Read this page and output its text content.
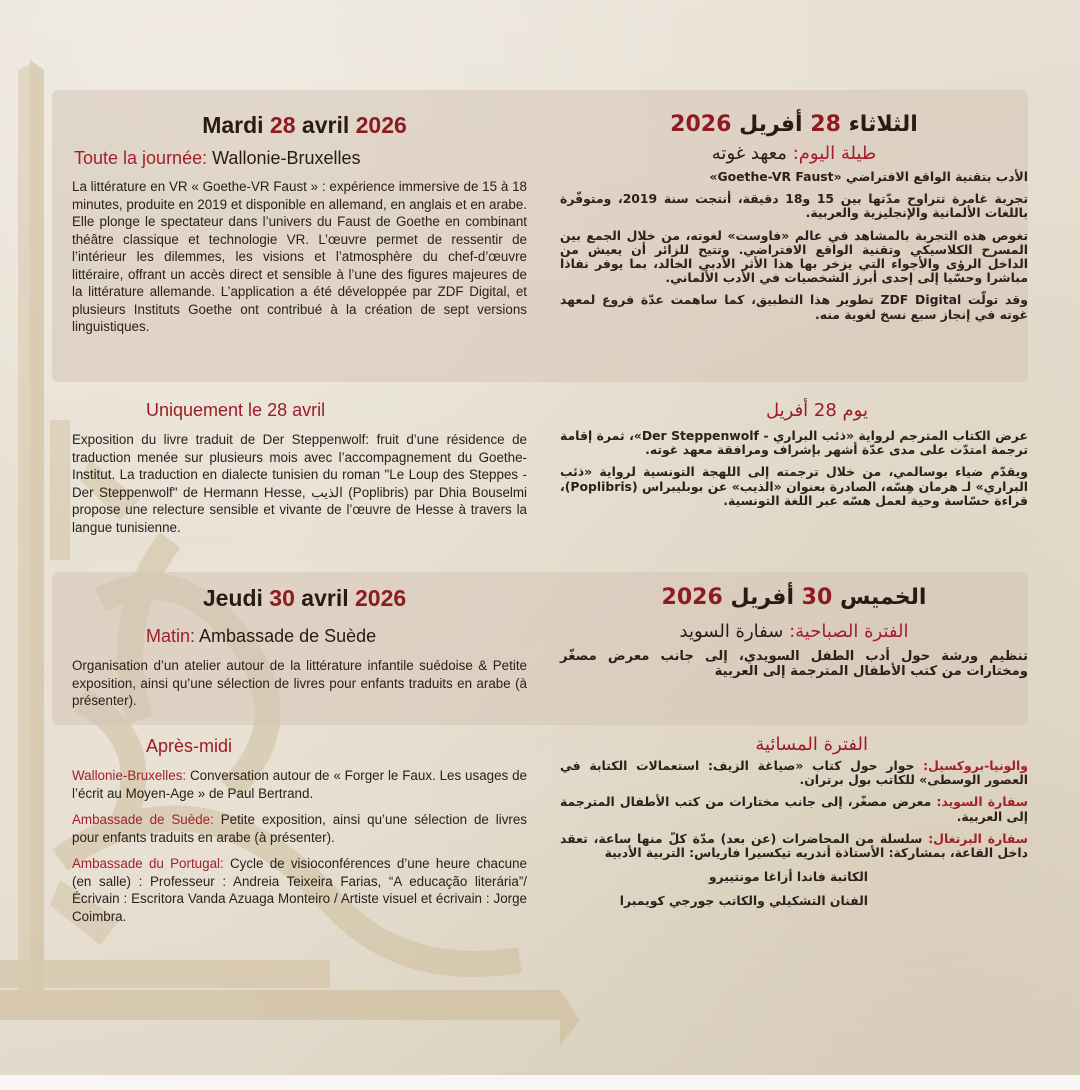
Mardi 28 avril 2026
Toute la journée: Wallonie-Bruxelles

La littérature en VR « Goethe-VR Faust » : expérience immersive de 15 à 18 minutes, produite en 2019 et disponible en allemand, en anglais et en arabe. Elle plonge le spectateur dans l’univers du Faust de Goethe en combinant théâtre classique et technologie VR. L’œuvre permet de ressentir de l’intérieur les dilemmes, les visions et l’atmosphère du chef-d’œuvre littéraire, offrant un accès direct et sensible à l’une des figures majeures de la littérature allemande. L’application a été développée par ZDF Digital, et plusieurs Instituts Goethe ont contribué à la création de sept versions linguistiques.

Uniquement le 28 avril

Exposition du livre traduit de Der Steppenwolf: fruit d’une résidence de traduction menée sur plusieurs mois avec l’accompagnement du Goethe-Institut. La traduction en dialecte tunisien du roman "Le Loup des Steppes - Der Steppenwolf" de Hermann Hesse, الذيب (Poplibris) par Dhia Bouselmi propose une relecture sensible et vivante de l’œuvre de Hesse à travers la langue tunisienne.

Jeudi 30 avril 2026
Matin: Ambassade de Suède

Organisation d’un atelier autour de la littérature infantile suédoise & Petite exposition, ainsi qu’une sélection de livres pour enfants traduits en arabe (à présenter).

Après-midi

Wallonie-Bruxelles: Conversation autour de « Forger le Faux. Les usages de l’écrit au Moyen-Age » de Paul Bertrand.

Ambassade de Suède: Petite exposition, ainsi qu’une sélection de livres pour enfants traduits en arabe (à présenter).

Ambassade du Portugal: Cycle de visioconférences d’une heure chacune (en salle) : Professeur : Andreia Teixeira Farias, “A educação literária”/ Écrivain : Escritora Vanda Azuaga Monteiro / Artiste visuel et écrivain : Jorge Coimbra.

الثلاثاء 28 أفريل 2026
طيلة اليوم: معهد غوته

الأدب بتقنية الواقع الافتراضي «Goethe-VR Faust»

تجربة غامرة تتراوح مدّتها بين 15 و18 دقيقة، أنتجت سنة 2019، ومتوفّرة باللغات الألمانية والإنجليزية والعربية.

تغوص هذه التجربة بالمشاهد في عالم «فاوست» لغوته، من خلال الجمع بين المسرح الكلاسيكي وتقنية الواقع الافتراضي. وتتيح للزائر أن يعيش من الداخل الرؤى والأجواء التي يزخر بها هذا الأثر الأدبي الخالد، بما يوفر نفاذا مباشرا وحسّيا إلى إحدى أبرز الشخصيات في الأدب الألماني.

وقد تولّت ZDF Digital تطوير هذا التطبيق، كما ساهمت عدّة فروع لمعهد غوته في إنجاز سبع نسخ لغوية منه.

يوم 28 أفريل

عرض الكتاب المترجم لرواية «ذئب البراري - Der Steppenwolf»، ثمرة إقامة ترجمة امتدّت على مدى عدّة أشهر بإشراف ومرافقة معهد غوته.

ويقدّم ضياء بوسالمي، من خلال ترجمته إلى اللهجة التونسية لرواية «ذئب البراري» لـ هرمان هِسّه، الصادرة بعنوان «الذيب» عن بوبليبراس (Poplibris)، قراءة حسّاسة وحية لعمل هسّه عبر اللغة التونسية.

الخميس 30 أفريل 2026
الفترة الصباحية: سفارة السويد

تنظيم ورشة حول أدب الطفل السويدي، إلى جانب معرض مصغّر ومختارات من كتب الأطفال المترجمة إلى العربية

الفترة المسائية

والونيا-بروكسيل: حوار حول كتاب «صياغة الزيف: استعمالات الكتابة في العصور الوسطى» للكاتب بول برتران.

سفارة السويد: معرض مصغّر، إلى جانب مختارات من كتب الأطفال المترجمة إلى العربية.

سفارة البرتغال: سلسلة من المحاضرات (عن بعد) مدّة كلّ منها ساعة، تعقد داخل القاعة، بمشاركة: الأستاذة أندريه تيكسيرا فارياس: التربية الأدبية

الكاتبة فاندا أزاغا مونتييرو

الفنان التشكيلي والكاتب جورجي كويمبرا
